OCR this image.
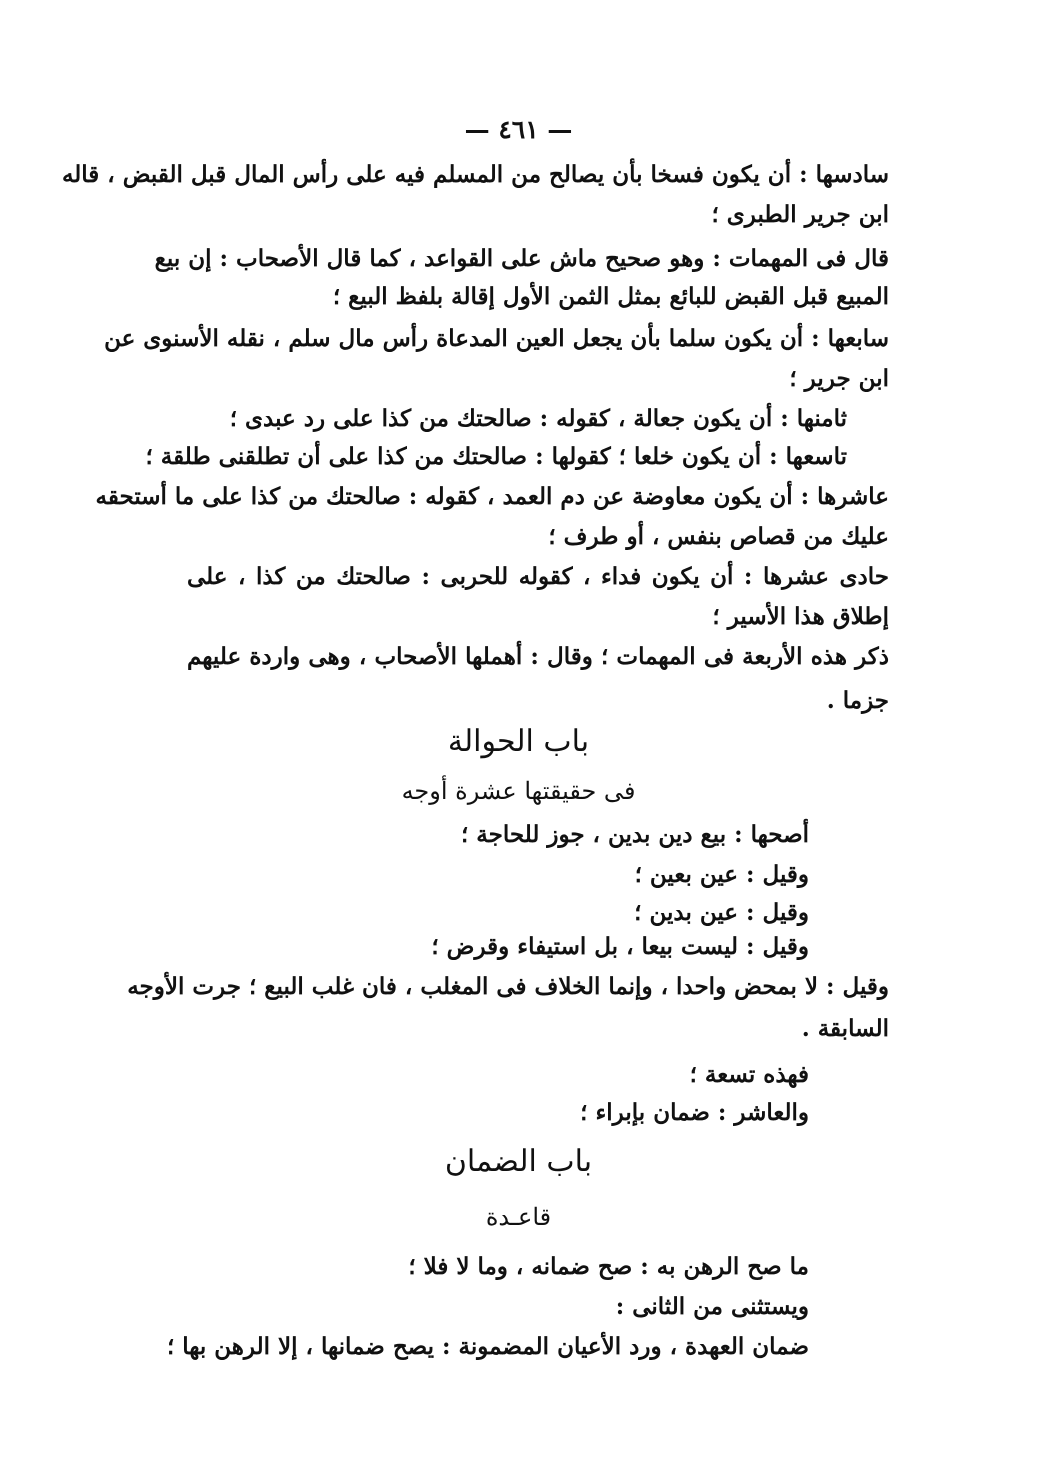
— ٤٦١ —
سادسها : أن يكون فسخا بأن يصالح من المسلم فيه على رأس المال قبل القبض ، قاله
ابن جرير الطبرى ؛
قال فى المهمات : وهو صحيح ماش على القواعد ، كما قال الأصحاب : إن بيع
المبيع قبل القبض للبائع بمثل الثمن الأول إقالة بلفظ البيع ؛
سابعها : أن يكون سلما بأن يجعل العين المدعاة رأس مال سلم ، نقله الأسنوى عن
ابن جرير ؛
ثامنها : أن يكون جعالة ، كقوله : صالحتك من كذا على رد عبدى ؛
تاسعها : أن يكون خلعا ؛ كقولها : صالحتك من كذا على أن تطلقنى طلقة ؛
عاشرها : أن يكون معاوضة عن دم العمد ، كقوله : صالحتك من كذا على ما أستحقه
عليك من قصاص بنفس ، أو طرف ؛
حادى عشرها : أن يكون فداء ، كقوله للحربى : صالحتك من كذا ، على
إطلاق هذا الأسير ؛
ذكر هذه الأربعة فى المهمات ؛ وقال : أهملها الأصحاب ، وهى واردة عليهم
جزما .
باب الحوالة
فى حقيقتها عشرة أوجه
أصحها : بيع دين بدين ، جوز للحاجة ؛
وقيل : عين بعين ؛
وقيل : عين بدين ؛
وقيل : ليست بيعا ، بل استيفاء وقرض ؛
وقيل : لا بمحض واحدا ، وإنما الخلاف فى المغلب ، فان غلب البيع ؛ جرت الأوجه
السابقة .
فهذه تسعة ؛
والعاشر : ضمان بإبراء ؛
باب الضمان
قاعـدة
ما صح الرهن به : صح ضمانه ، وما لا فلا ؛
ويستثنى من الثانى :
ضمان العهدة ، ورد الأعيان المضمونة : يصح ضمانها ، إلا الرهن بها ؛
